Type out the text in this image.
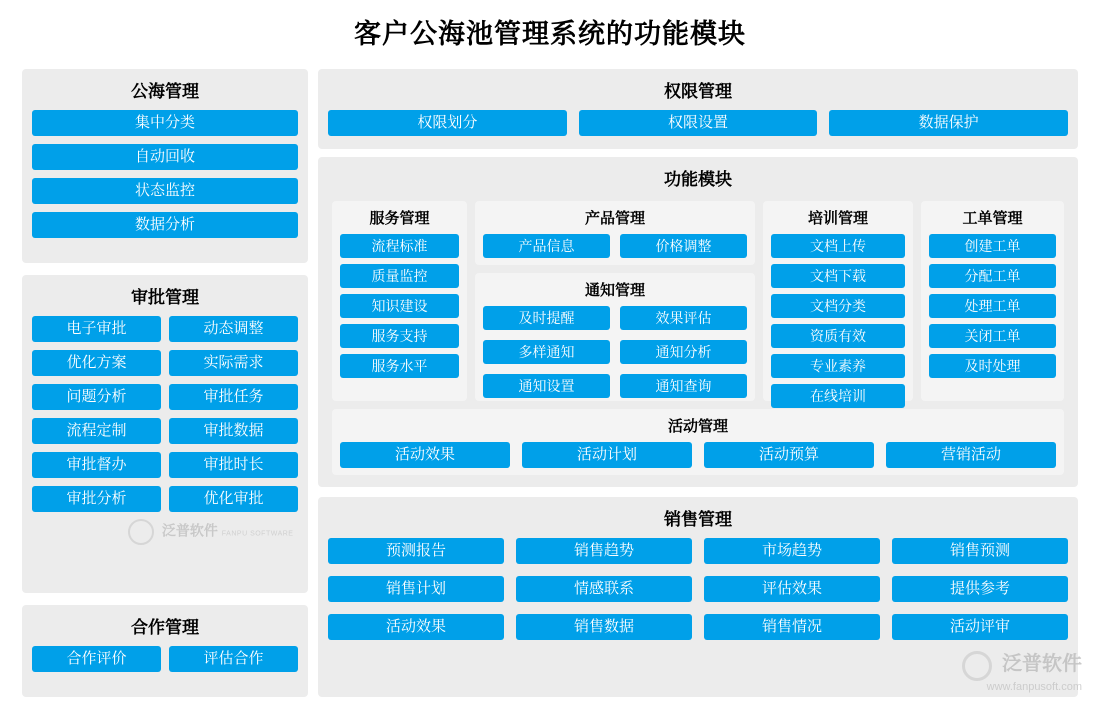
客户公海池管理系统的功能模块
公海管理
集中分类
自动回收
状态监控
数据分析
审批管理
电子审批	动态调整
优化方案	实际需求
问题分析	审批任务
流程定制	审批数据
审批督办	审批时长
审批分析	优化审批
合作管理
合作评价	评估合作
权限管理
权限划分	权限设置	数据保护
功能模块
服务管理
流程标准
质量监控
知识建设
服务支持
服务水平
产品管理
产品信息	价格调整
通知管理
及时提醒	效果评估
多样通知	通知分析
通知设置	通知查询
培训管理
文档上传
文档下载
文档分类
资质有效
专业素养
在线培训
工单管理
创建工单
分配工单
处理工单
关闭工单
及时处理
活动管理
活动效果	活动计划	活动预算	营销活动
销售管理
预测报告	销售趋势	市场趋势	销售预测
销售计划	情感联系	评估效果	提供参考
活动效果	销售数据	销售情况	活动评审
泛普软件 FANPU SOFTWARE
泛普软件
www.fanpusoft.com
